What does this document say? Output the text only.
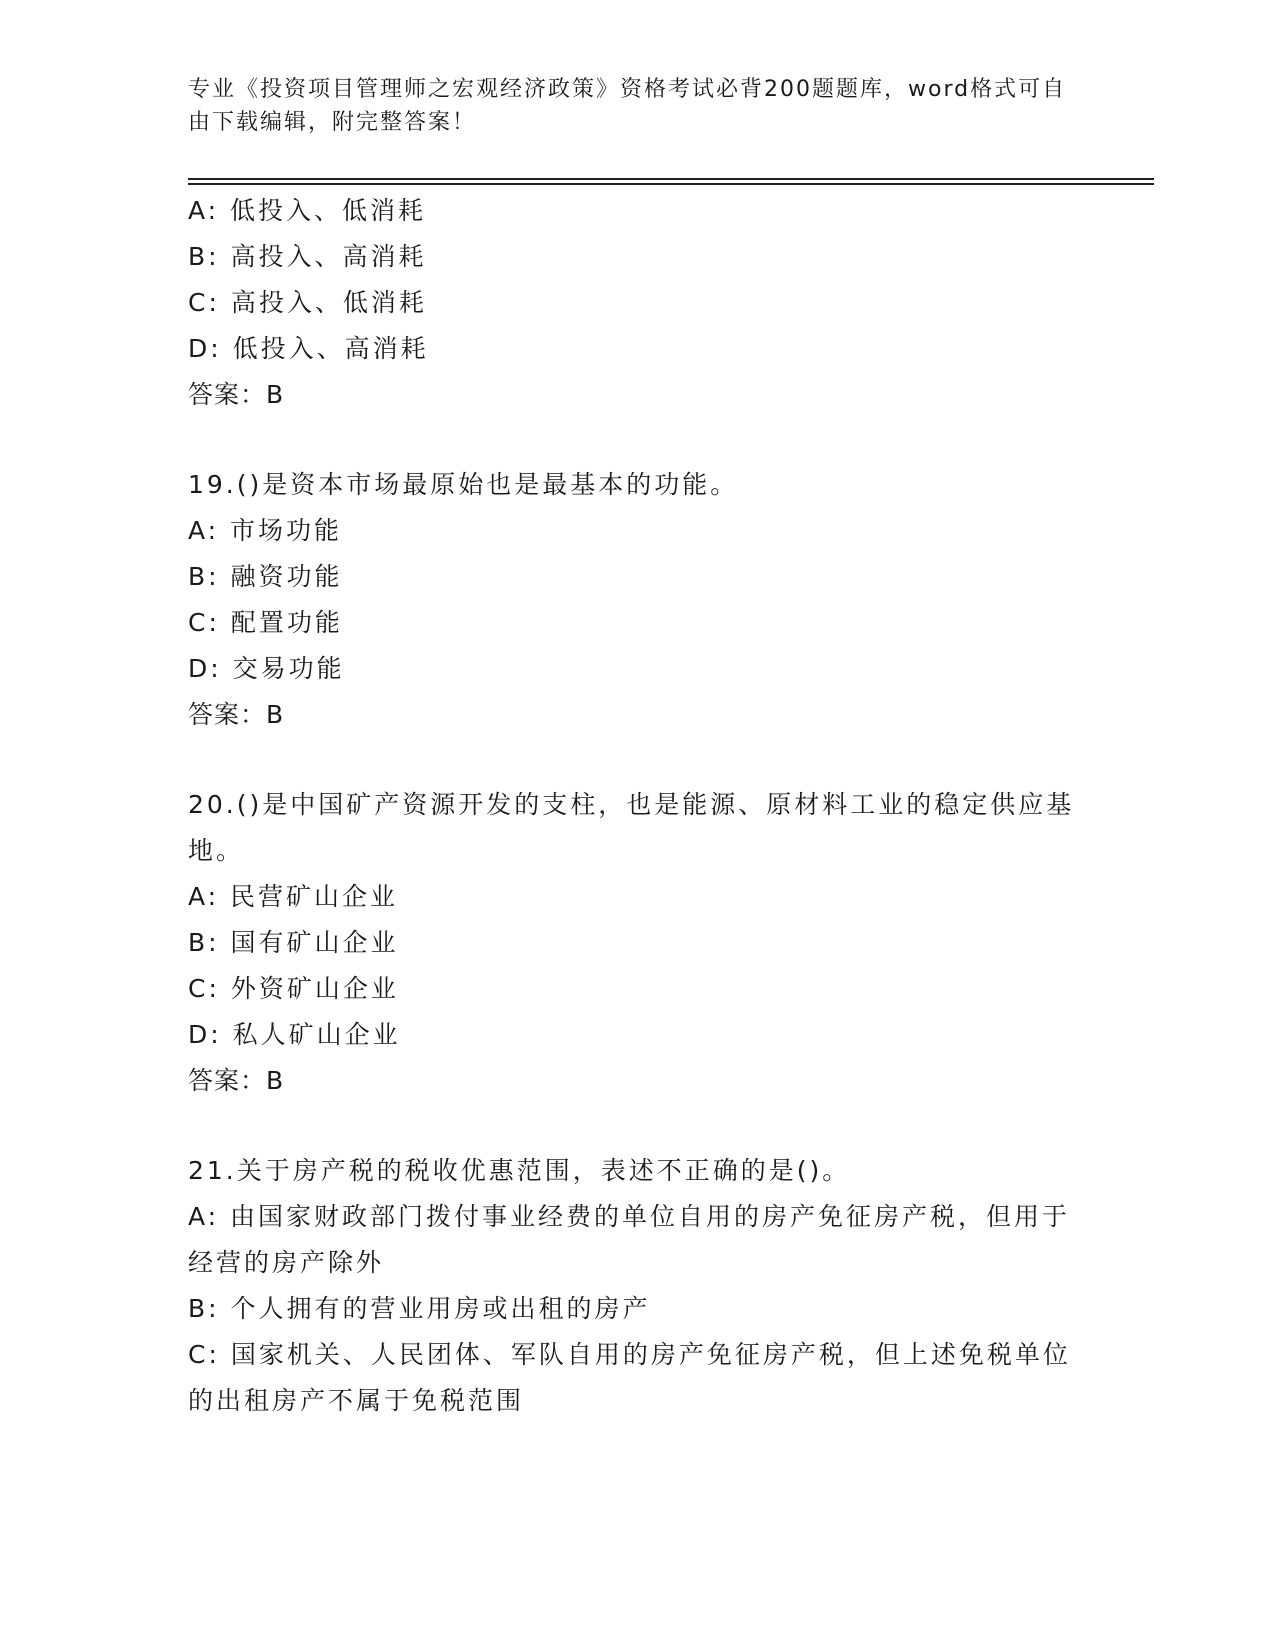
专业《投资项目管理师之宏观经济政策》资格考试必背200题题库，word格式可自由下载编辑，附完整答案！
A: 低投入、低消耗
B: 高投入、高消耗
C: 高投入、低消耗
D: 低投入、高消耗
答案：B
19.()是资本市场最原始也是最基本的功能。
A: 市场功能
B: 融资功能
C: 配置功能
D: 交易功能
答案：B
20.()是中国矿产资源开发的支柱，也是能源、原材料工业的稳定供应基地。
A: 民营矿山企业
B: 国有矿山企业
C: 外资矿山企业
D: 私人矿山企业
答案：B
21.关于房产税的税收优惠范围，表述不正确的是()。
A: 由国家财政部门拨付事业经费的单位自用的房产免征房产税，但用于经营的房产除外
B: 个人拥有的营业用房或出租的房产
C: 国家机关、人民团体、军队自用的房产免征房产税，但上述免税单位的出租房产不属于免税范围
